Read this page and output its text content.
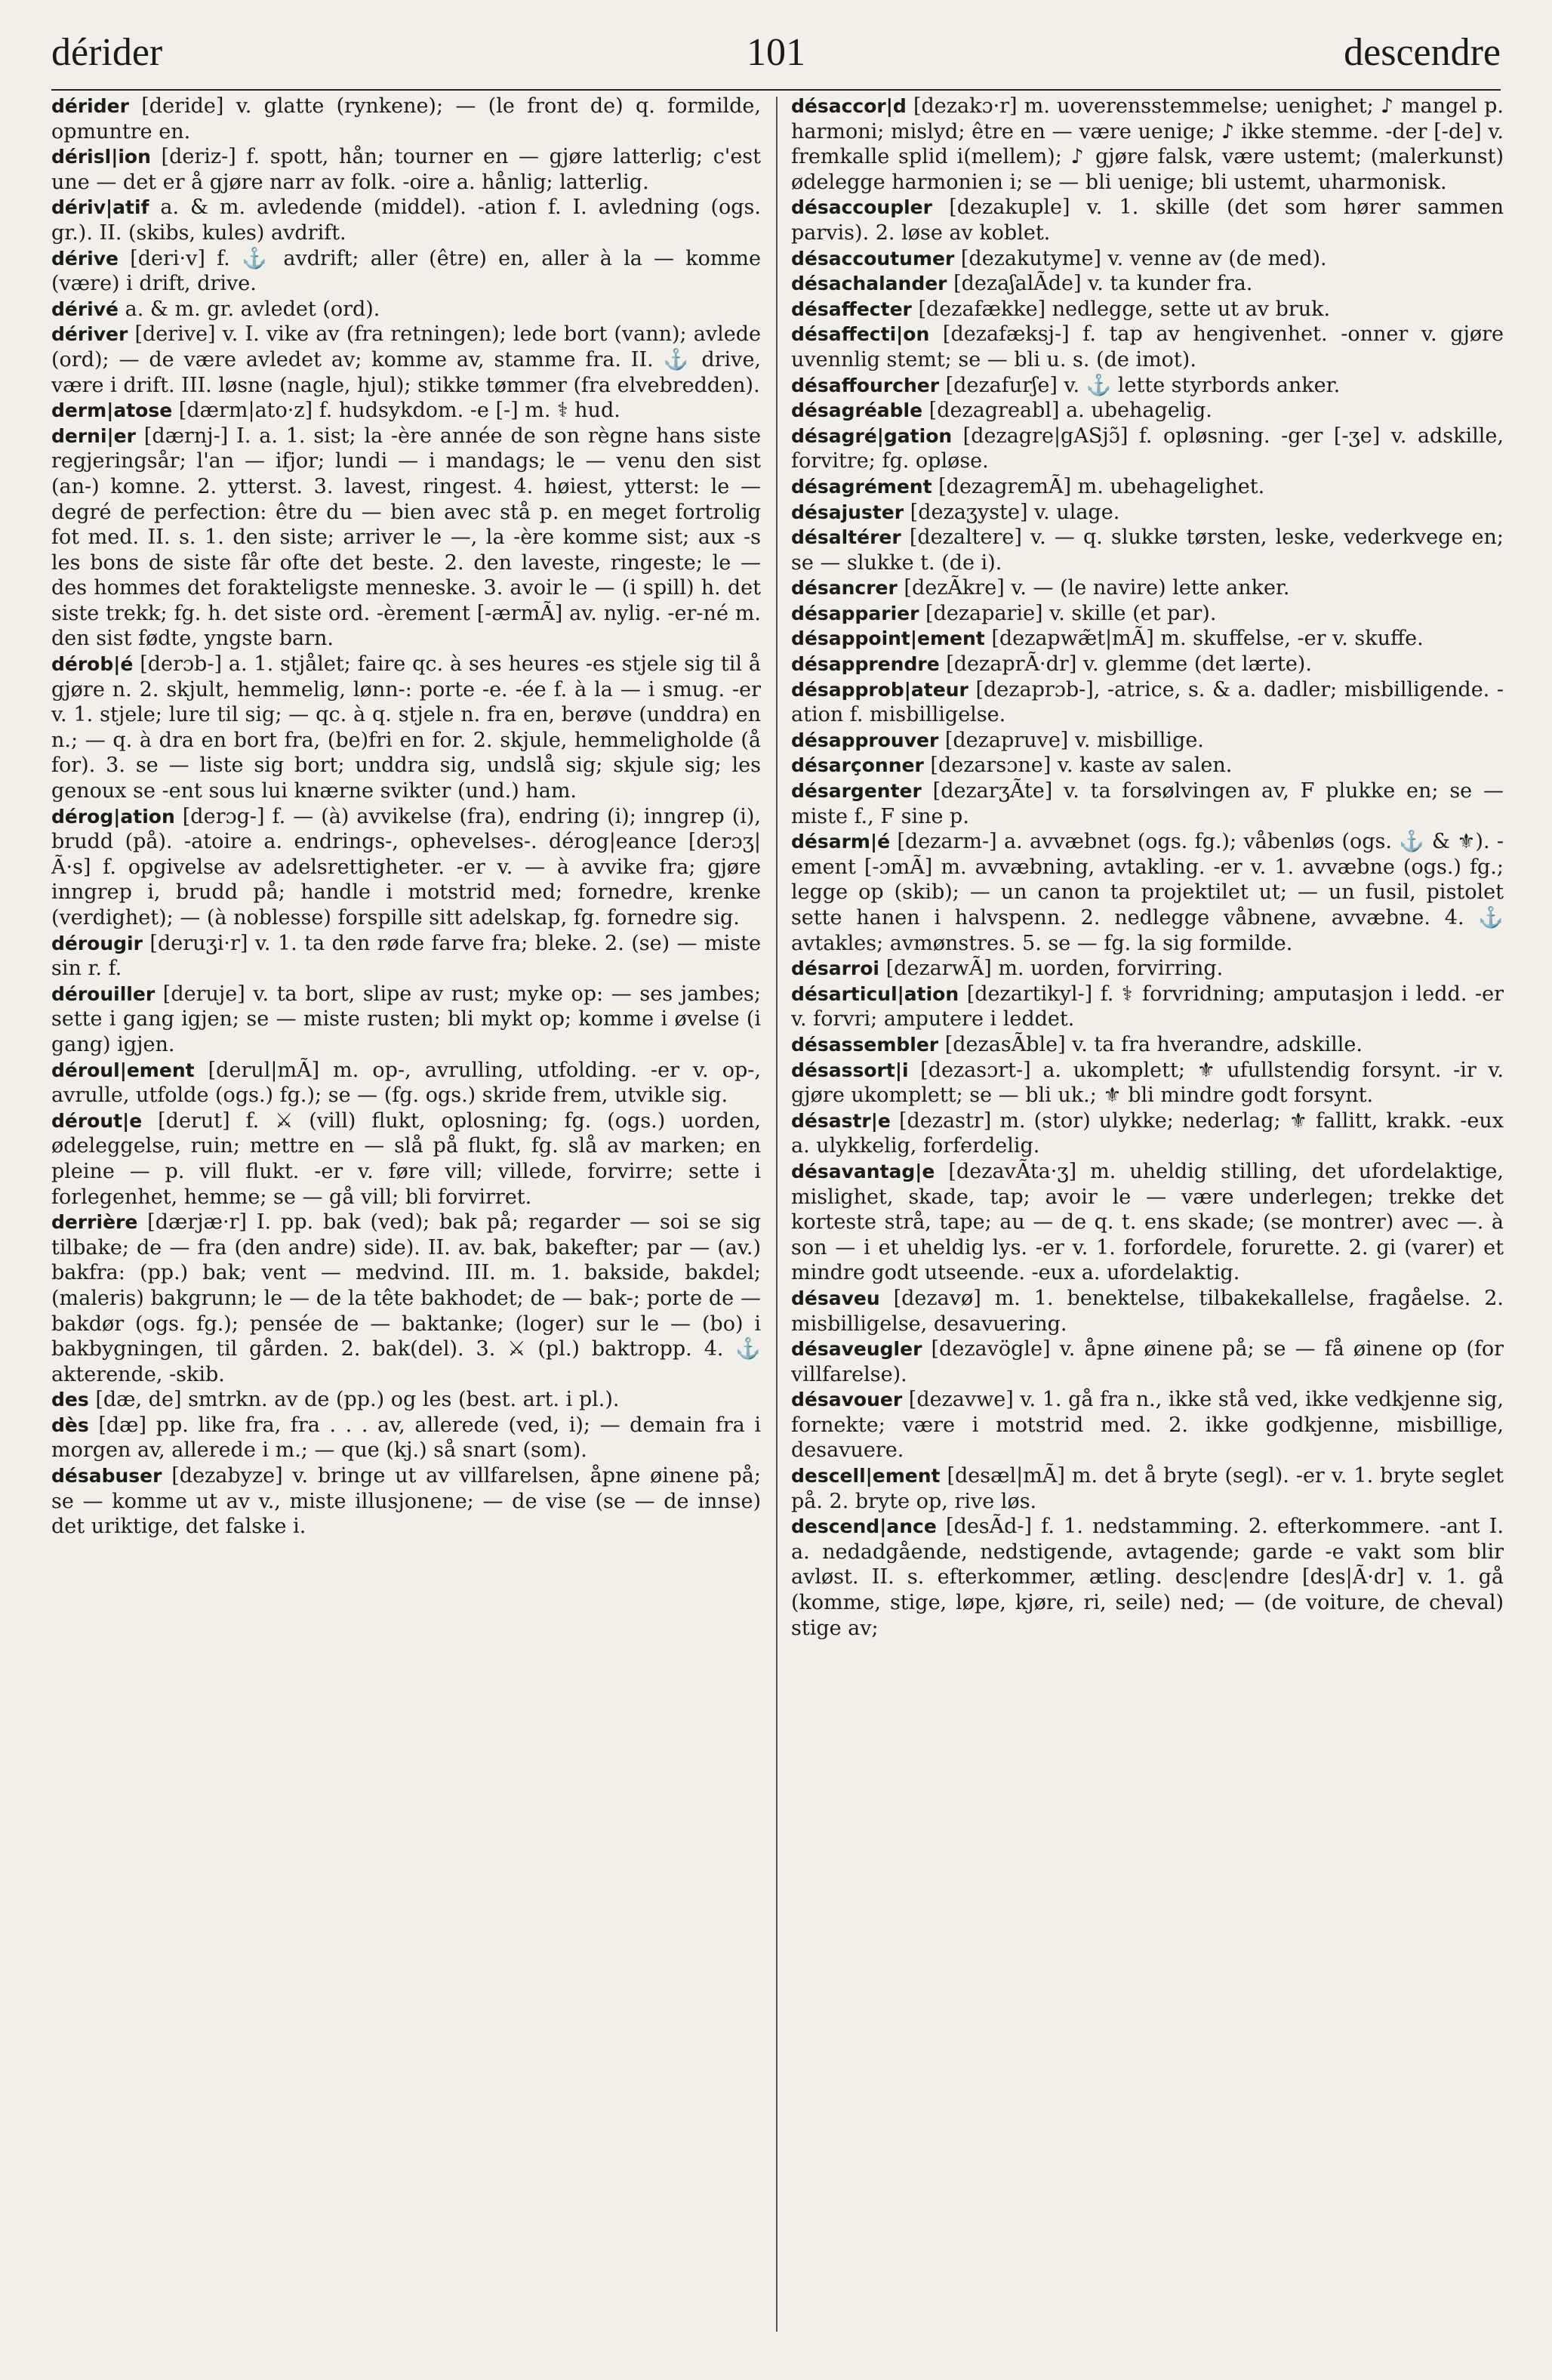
dérider	101	descendre

dérider [deride] v. glatte (rynkene); — (le front de) q. formilde, opmuntre en.

dérisl|ion [deriz-] f. spott, hån; tourner en — gjøre latterlig; c'est une — det er å gjøre narr av folk. -oire a. hånlig; latterlig.

dériv|atif a. & m. avledende (middel). -ation f. I. avledning (ogs. gr.). II. (skibs, kules) avdrift.

dérive [deri·v] f. ⚓ avdrift; aller (être) en, aller à la — komme (være) i drift, drive.

dérivé a. & m. gr. avledet (ord).

dériver [derive] v. I. vike av (fra retningen); lede bort (vann); avlede (ord); — de være avledet av; komme av, stamme fra. II. ⚓ drive, være i drift. III. løsne (nagle, hjul); stikke tømmer (fra elvebredden).

derm|atose [dærm|ato·z] f. hudsykdom. -e [-] m. ⚕ hud.

derni|er [dærnj-] I. a. 1. sist; la -ère année de son règne hans siste regjeringsår; l'an — ifjor; lundi — i mandags; le — venu den sist (an-) komne. 2. ytterst. 3. lavest, ringest. 4. høiest, ytterst: le — degré de perfection: être du — bien avec stå p. en meget fortrolig fot med. II. s. 1. den siste; arriver le —, la -ère komme sist; aux -s les bons de siste får ofte det beste. 2. den laveste, ringeste; le — des hommes det forakteligste menneske. 3. avoir le — (i spill) h. det siste trekk; fg. h. det siste ord. -èrement [-ærmÃ] av. nylig. -er-né m. den sist fødte, yngste barn.

dérob|é [derɔb-] a. 1. stjålet; faire qc. à ses heures -es stjele sig til å gjøre n. 2. skjult, hemmelig, lønn-: porte -e. -ée f. à la — i smug. -er v. 1. stjele; lure til sig; — qc. à q. stjele n. fra en, berøve (unddra) en n.; — q. à dra en bort fra, (be)fri en for. 2. skjule, hemmeligholde (å for). 3. se — liste sig bort; unddra sig, undslå sig; skjule sig; les genoux se -ent sous lui knærne svikter (und.) ham.

dérog|ation [derɔg-] f. — (à) avvikelse (fra), endring (i); inngrep (i), brudd (på). -atoire a. endrings-, ophevelses-. dérog|eance [derɔʒ|Ã·s] f. opgivelse av adelsrettigheter. -er v. — à avvike fra; gjøre inngrep i, brudd på; handle i motstrid med; fornedre, krenke (verdighet); — (à noblesse) forspille sitt adelskap, fg. fornedre sig.

dérougir [deruʒi·r] v. 1. ta den røde farve fra; bleke. 2. (se) — miste sin r. f.

dérouiller [deruje] v. ta bort, slipe av rust; myke op: — ses jambes; sette i gang igjen; se — miste rusten; bli mykt op; komme i øvelse (i gang) igjen.

déroul|ement [derul|mÃ] m. op-, avrulling, utfolding. -er v. op-, avrulle, utfolde (ogs.) fg.); se — (fg. ogs.) skride frem, utvikle sig.

dérout|e [derut] f. ⚔ (vill) flukt, oplosning; fg. (ogs.) uorden, ødeleggelse, ruin; mettre en — slå på flukt, fg. slå av marken; en pleine — p. vill flukt. -er v. føre vill; villede, forvirre; sette i forlegenhet, hemme; se — gå vill; bli forvirret.

derrière [dærjæ·r] I. pp. bak (ved); bak på; regarder — soi se sig tilbake; de — fra (den andre) side). II. av. bak, bakefter; par — (av.) bakfra: (pp.) bak; vent — medvind. III. m. 1. bakside, bakdel; (maleris) bakgrunn; le — de la tête bakhodet; de — bak-; porte de — bakdør (ogs. fg.); pensée de — baktanke; (loger) sur le — (bo) i bakbygningen, til gården. 2. bak(del). 3. ⚔ (pl.) baktropp. 4. ⚓ akterende, -skib.

des [dæ, de] smtrkn. av de (pp.) og les (best. art. i pl.).

dès [dæ] pp. like fra, fra . . . av, allerede (ved, i); — demain fra i morgen av, allerede i m.; — que (kj.) så snart (som).

désabuser [dezabyze] v. bringe ut av villfarelsen, åpne øinene på; se — komme ut av v., miste illusjonene; — de vise (se — de innse) det uriktige, det falske i.

désaccor|d [dezakɔ·r] m. uoverensstemmelse; uenighet; ♪ mangel p. harmoni; mislyd; être en — være uenige; ♪ ikke stemme. -der [-de] v. fremkalle splid i(mellem); ♪ gjøre falsk, være ustemt; (malerkunst) ødelegge harmonien i; se — bli uenige; bli ustemt, uharmonisk.

désaccoupler [dezakuple] v. 1. skille (det som hører sammen parvis). 2. løse av koblet.

désaccoutumer [dezakutyme] v. venne av (de med).

désachalander [dezaʃalÃde] v. ta kunder fra.

désaffecter [dezafække] nedlegge, sette ut av bruk.

désaffecti|on [dezafæksj-] f. tap av hengivenhet. -onner v. gjøre uvennlig stemt; se — bli u. s. (de imot).

désaffourcher [dezafurʃe] v. ⚓ lette styrbords anker.

désagréable [dezagreabl] a. ubehagelig.

désagré|gation [dezagre|gASjɔ̃] f. opløsning. -ger [-ʒe] v. adskille, forvitre; fg. opløse.

désagrément [dezagremÃ] m. ubehagelighet.

désajuster [dezaʒyste] v. ulage.

désaltérer [dezaltere] v. — q. slukke tørsten, leske, vederkvege en; se — slukke t. (de i).

désancrer [dezÃkre] v. — (le navire) lette anker.

désapparier [dezaparie] v. skille (et par).

désappoint|ement [dezapwæ̃t|mÃ] m. skuffelse, -er v. skuffe.

désapprendre [dezaprÃ·dr] v. glemme (det lærte).

désapprob|ateur [dezaprɔb-], -atrice, s. & a. dadler; misbilligende. -ation f. misbilligelse.

désapprouver [dezapruve] v. misbillige.

désarçonner [dezarsɔne] v. kaste av salen.

désargenter [dezarʒÃte] v. ta forsølvingen av, F plukke en; se — miste f., F sine p.

désarm|é [dezarm-] a. avvæbnet (ogs. fg.); våbenløs (ogs. ⚓ & ⚜). -ement [-ɔmÃ] m. avvæbning, avtakling. -er v. 1. avvæbne (ogs.) fg.; legge op (skib); — un canon ta projektilet ut; — un fusil, pistolet sette hanen i halvspenn. 2. nedlegge våbnene, avvæbne. 4. ⚓ avtakles; avmønstres. 5. se — fg. la sig formilde.

désarroi [dezarwÃ] m. uorden, forvirring.

désarticul|ation [dezartikyl-] f. ⚕ forvridning; amputasjon i ledd. -er v. forvri; amputere i leddet.

désassembler [dezasÃble] v. ta fra hverandre, adskille.

désassort|i [dezasɔrt-] a. ukomplett; ⚜ ufullstendig forsynt. -ir v. gjøre ukomplett; se — bli uk.; ⚜ bli mindre godt forsynt.

désastr|e [dezastr] m. (stor) ulykke; nederlag; ⚜ fallitt, krakk. -eux a. ulykkelig, forferdelig.

désavantag|e [dezavÃta·ʒ] m. uheldig stilling, det ufordelaktige, mislighet, skade, tap; avoir le — være underlegen; trekke det korteste strå, tape; au — de q. t. ens skade; (se montrer) avec —. à son — i et uheldig lys. -er v. 1. forfordele, forurette. 2. gi (varer) et mindre godt utseende. -eux a. ufordelaktig.

désaveu [dezavø] m. 1. benektelse, tilbakekallelse, fragåelse. 2. misbilligelse, desavuering.

désaveugler [dezavögle] v. åpne øinene på; se — få øinene op (for villfarelse).

désavouer [dezavwe] v. 1. gå fra n., ikke stå ved, ikke vedkjenne sig, fornekte; være i motstrid med. 2. ikke godkjenne, misbillige, desavuere.

descell|ement [desæl|mÃ] m. det å bryte (segl). -er v. 1. bryte seglet på. 2. bryte op, rive løs.

descend|ance [desÃd-] f. 1. nedstamming. 2. efterkommere. -ant I. a. nedadgående, nedstigende, avtagende; garde -e vakt som blir avløst. II. s. efterkommer, ætling. desc|endre [des|Ã·dr] v. 1. gå (komme, stige, løpe, kjøre, ri, seile) ned; — (de voiture, de cheval) stige av;
